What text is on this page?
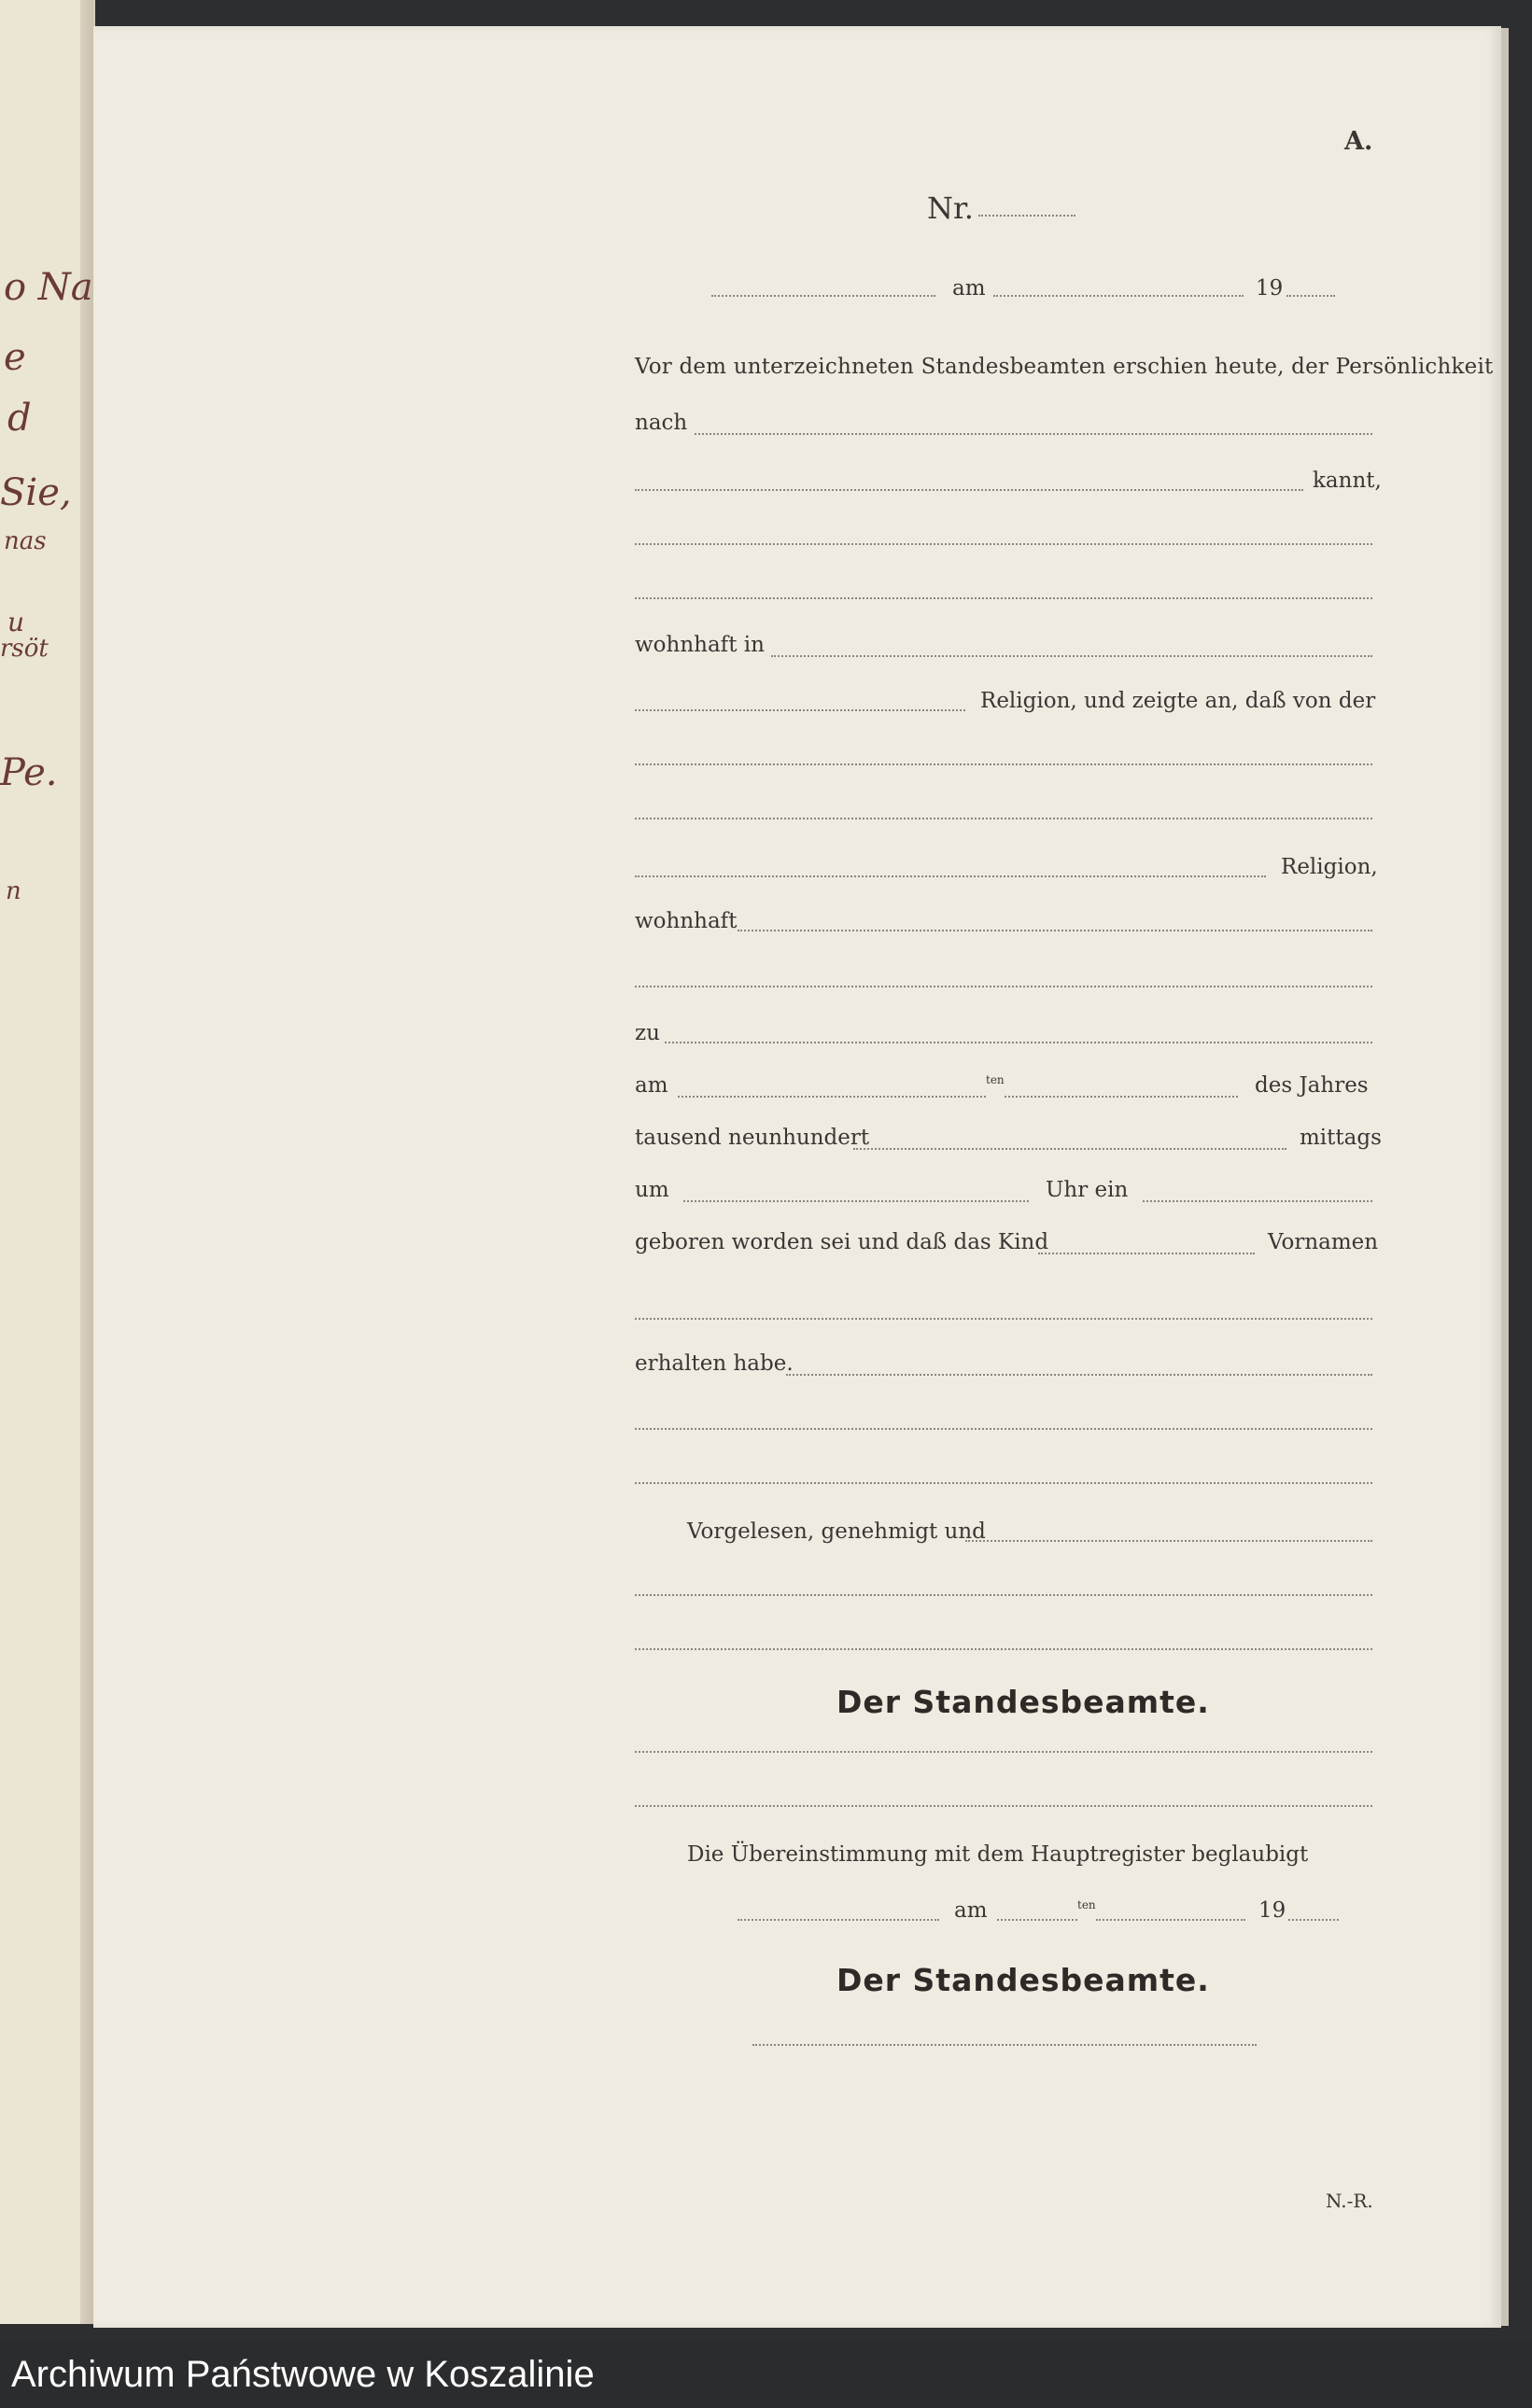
o Na
e
d
Sie,
nas
u
rsöt
Pe.
n
A.
Nr.
am	19
Vor dem unterzeichneten Standesbeamten erschien heute, der Persönlichkeit
nach
kannt,
wohnhaft in
Religion, und zeigte an, daß von der
Religion,
wohnhaft
zu
am	ten	des Jahres
tausend neunhundert	mittags
um	Uhr ein
geboren worden sei und daß das Kind	Vornamen
erhalten habe.
Vorgelesen, genehmigt und
Der Standesbeamte.
Die Übereinstimmung mit dem Hauptregister beglaubigt
am	ten	19
Der Standesbeamte.
N.-R.
Archiwum Państwowe w Koszalinie
